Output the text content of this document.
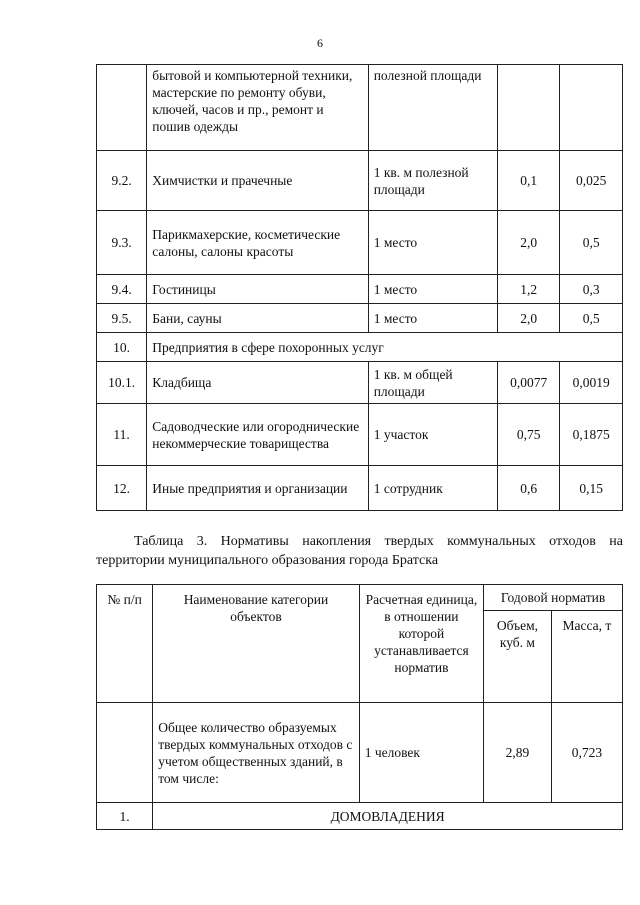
6
	бытовой и компьютерной техники, мастерские по ремонту обуви, ключей, часов и пр., ремонт и пошив одежды	полезной площади		
9.2.	Химчистки и прачечные	1 кв. м полезной площади	0,1	0,025
9.3.	Парикмахерские, косметические салоны, салоны красоты	1 место	2,0	0,5
9.4.	Гостиницы	1 место	1,2	0,3
9.5.	Бани, сауны	1 место	2,0	0,5
10.	Предприятия в сфере похоронных услуг			
10.1.	Кладбища	1 кв. м общей площади	0,0077	0,0019
11.	Садоводческие или огороднические некоммерческие товарищества	1 участок	0,75	0,1875
12.	Иные предприятия и организации	1 сотрудник	0,6	0,15
Таблица 3. Нормативы накопления твердых коммунальных отходов на территории муниципального образования города Братска
№ п/п	Наименование категории объектов	Расчетная единица, в отношении которой устанавливается норматив	Годовой норматив	
			Объем, куб. м	Масса, т
	Общее количество образуемых твердых коммунальных отходов с учетом общественных зданий, в том числе:	1 человек	2,89	0,723
1.	ДОМОВЛАДЕНИЯ			
